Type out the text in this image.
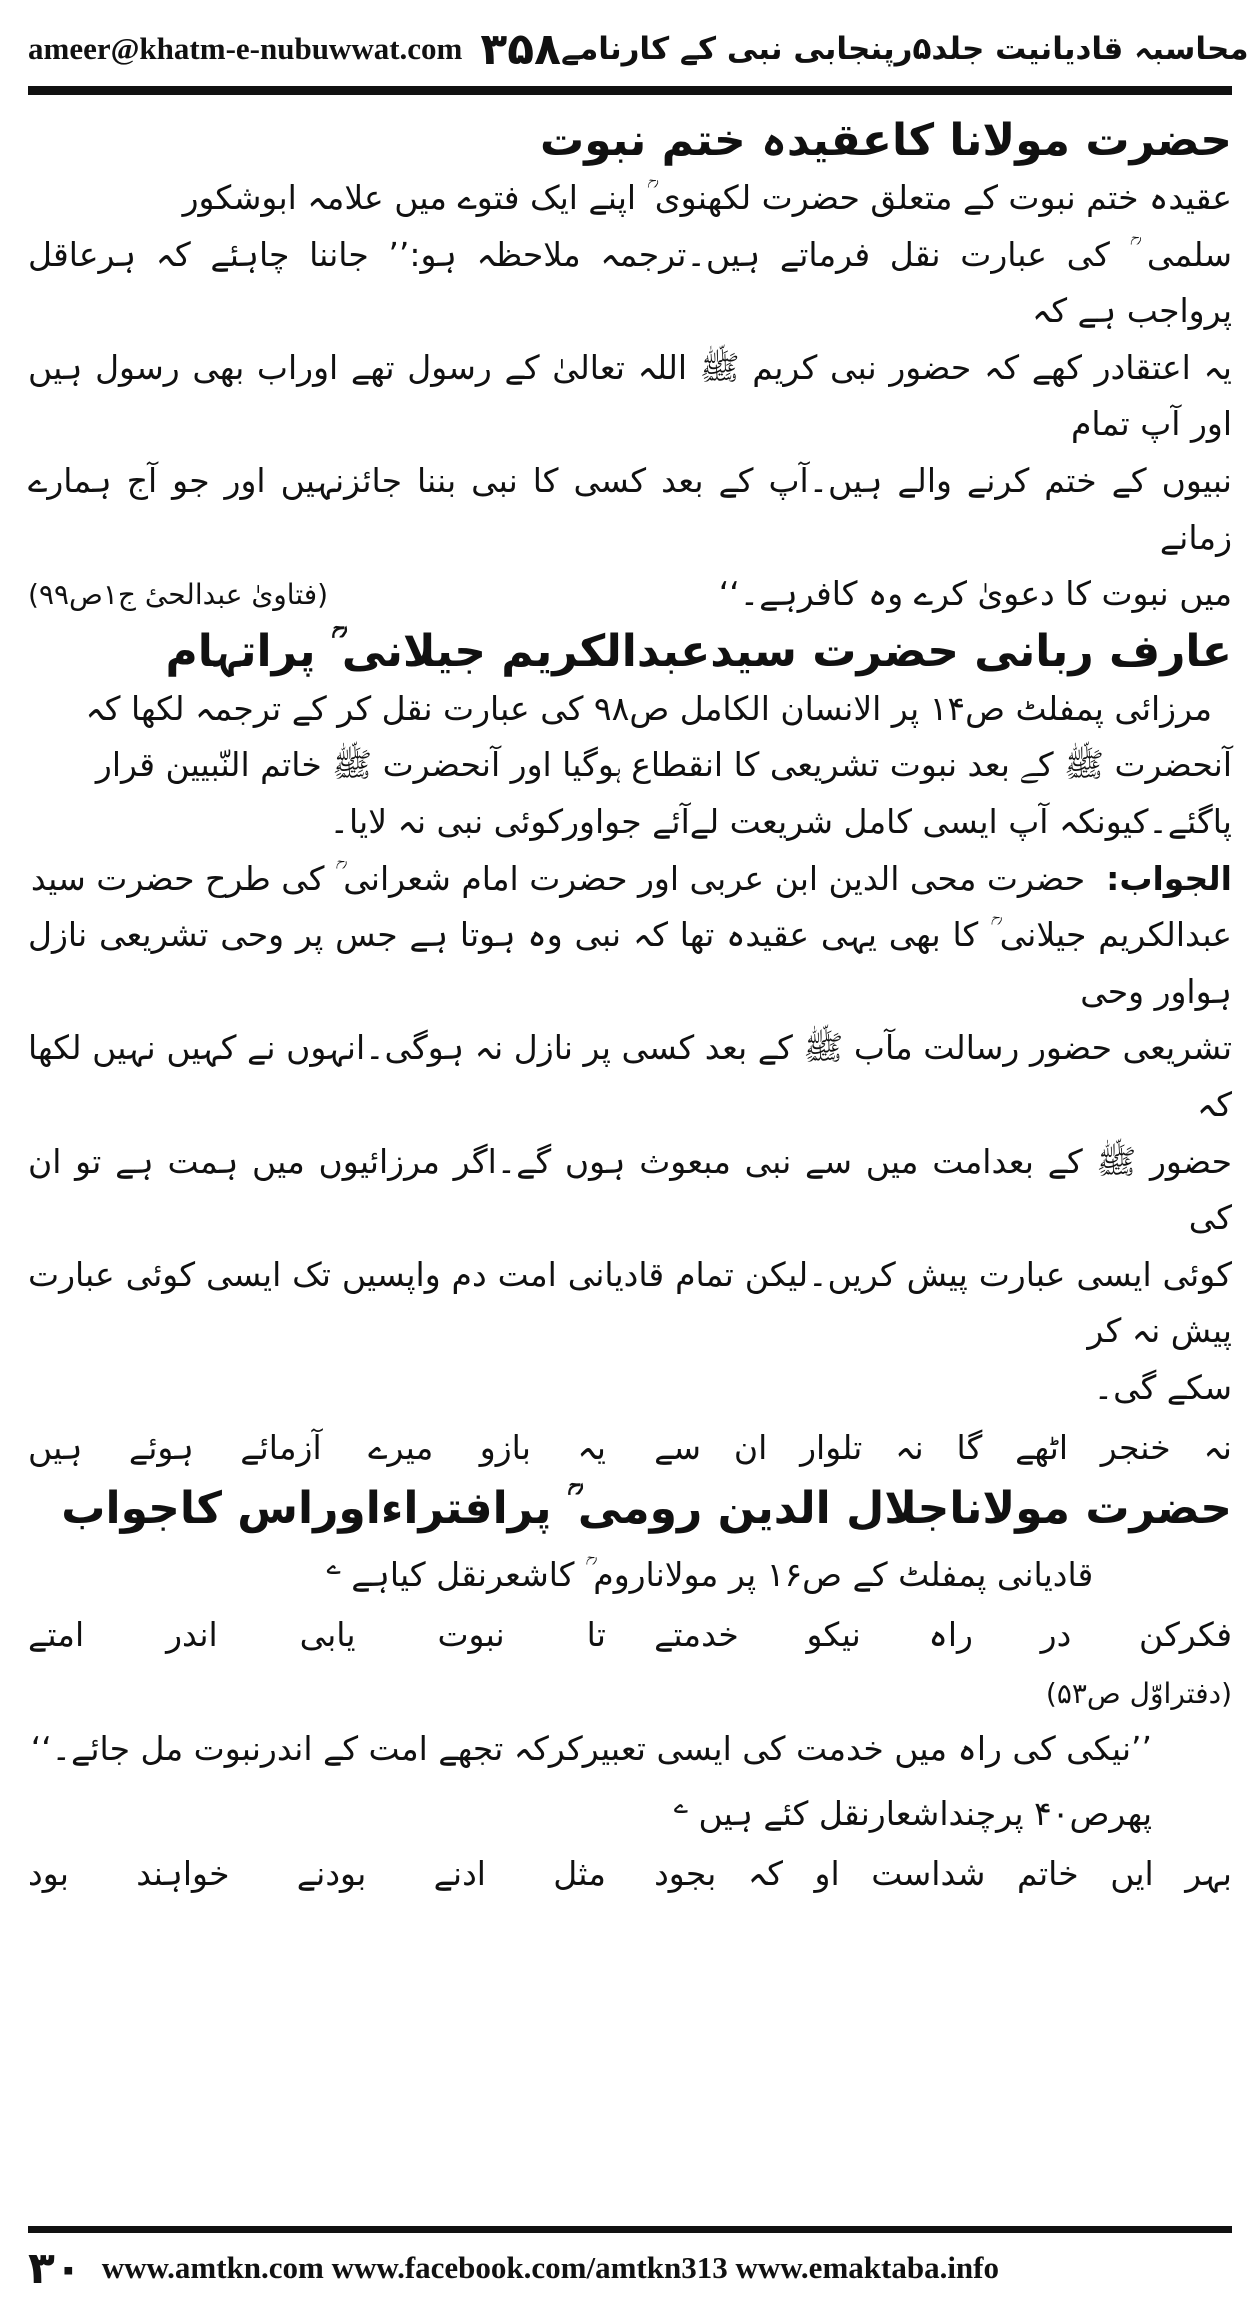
ameer@khatm-e-nubuwwat.com ۳۵۸ محاسبہ قادیانیت جلد۵رپنجابی نبی کے کارنامے
حضرت مولانا کاعقیدہ ختم نبوت

عقیدہ ختم نبوت کے متعلق حضرت لکھنوی ؒ اپنے ایک فتوے میں علامہ ابوشکور

سلمی ؒ کی عبارت نقل فرماتے ہیں۔ترجمہ ملاحظہ ہو:’’ جاننا چاہئے کہ ہرعاقل پرواجب ہے کہ

یہ اعتقادر کھے کہ حضور نبی کریم ﷺ اللہ تعالیٰ کے رسول تھے اوراب بھی رسول ہیں اور آپ تمام

نبیوں کے ختم کرنے والے ہیں۔آپ کے بعد کسی کا نبی بننا جائزنہیں اور جو آج ہمارے زمانے

میں نبوت کا دعویٰ کرے وہ کافرہے۔‘‘

(فتاویٰ عبدالحیٔ ج۱ص۹۹)
عارف ربانی حضرت سیدعبدالکریم جیلانی ؒ پراتہام

مرزائی پمفلٹ ص۱۴ پر الانسان الکامل ص۹۸ کی عبارت نقل کر کے ترجمہ لکھا کہ

آنحضرت ﷺ کے بعد نبوت تشریعی کا انقطاع ہوگیا اور آنحضرت ﷺ خاتم النّبیین قرار

پاگئے۔کیونکہ آپ ایسی کامل شریعت لےآئے جواورکوئی نبی نہ لایا۔

الجواب:  حضرت محی الدین ابن عربی اور حضرت امام شعرانی ؒ کی طرح حضرت سید

عبدالکریم جیلانی ؒ کا بھی یہی عقیدہ تھا کہ نبی وہ ہوتا ہے جس پر وحی تشریعی نازل ہواور وحی

تشریعی حضور رسالت مآب ﷺ کے بعد کسی پر نازل نہ ہوگی۔انہوں نے کہیں نہیں لکھا کہ

حضور ﷺ کے بعدامت میں سے نبی مبعوث ہوں گے۔اگر مرزائیوں میں ہمت ہے تو ان کی

کوئی ایسی عبارت پیش کریں۔لیکن تمام قادیانی امت دم واپسیں تک ایسی کوئی عبارت پیش نہ کر

سکے گی۔

نہ خنجر اٹھے گا نہ تلوار ان سے
یہ بازو میرے آزمائے ہوئے ہیں
حضرت مولاناجلال الدین رومی ؒ پرافتراءاوراس کاجواب

قادیانی پمفلٹ کے ص۱۶ پر مولاناروم ؒ کاشعرنقل کیاہے $^ے$

فکرکن در راہ نیکو خدمتے
تا نبوت یابی اندر امتے

(دفتراوّل ص۵۳)

’’نیکی کی راہ میں خدمت کی ایسی تعبیرکرکہ تجھے امت کے اندرنبوت مل جائے۔‘‘

پھرص۴۰ پرچنداشعارنقل کئے ہیں $^ے$

بہر ایں خاتم شداست او کہ بجود
مثل ادنے بودنے خواہند بود
۳۰ www.amtkn.com www.facebook.com/amtkn313 www.emaktaba.info
